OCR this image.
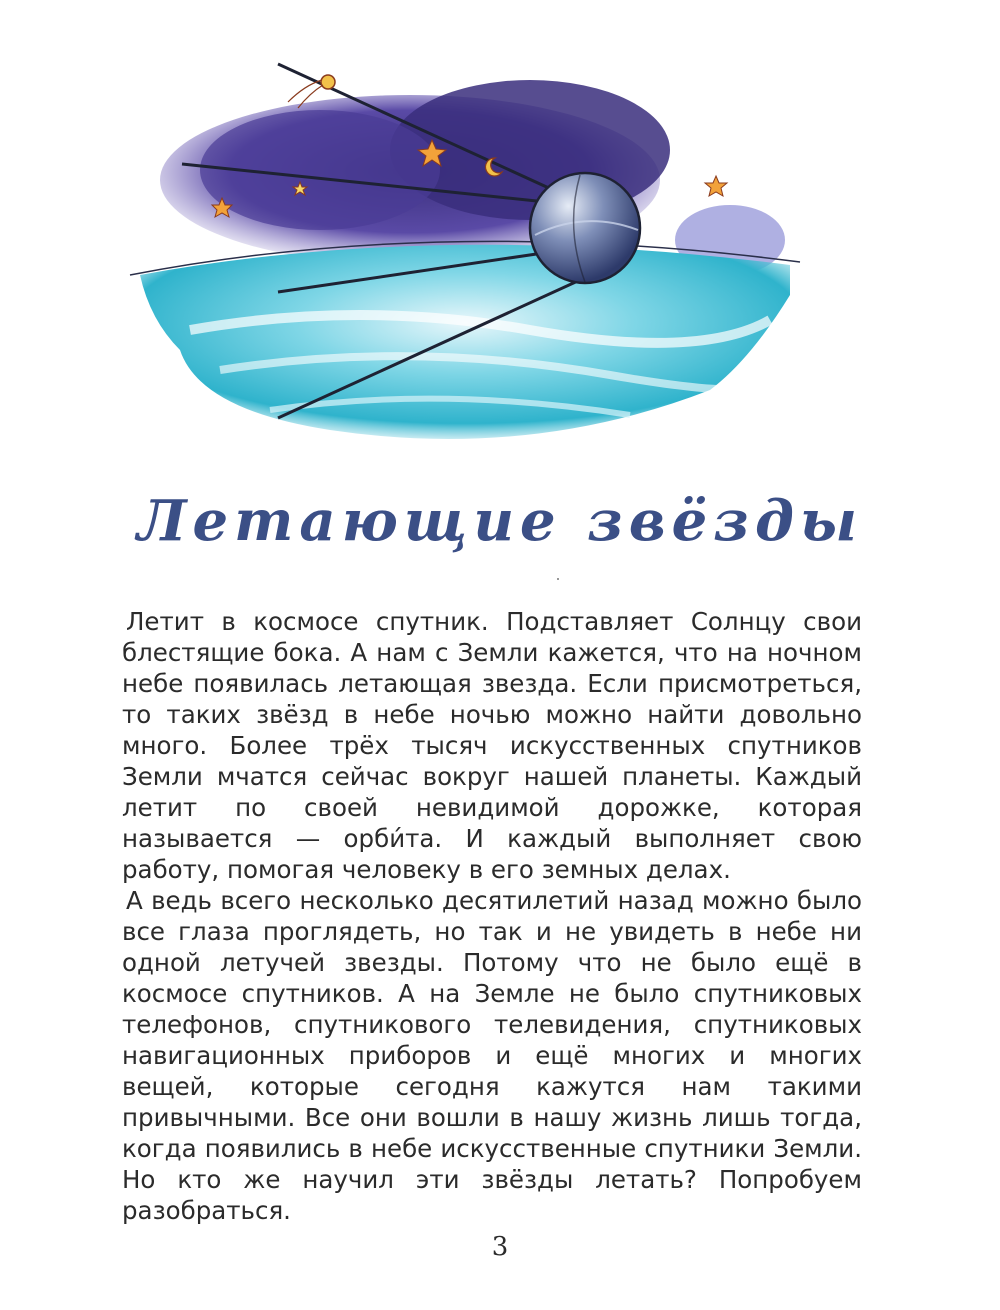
Летающие звёзды

Летит в космосе спутник. Подставляет Солнцу свои блестящие бока. А нам с Земли кажется, что на ночном небе появилась летающая звезда. Если присмотреться, то таких звёзд в небе ночью можно найти довольно много. Более трёх тысяч искусственных спутников Земли мчатся сейчас вокруг нашей планеты. Каждый летит по своей невидимой дорожке, которая называется — орби́та. И каждый выполняет свою работу, помогая человеку в его земных делах.

А ведь всего несколько десятилетий назад можно было все глаза проглядеть, но так и не увидеть в небе ни одной летучей звезды. Потому что не было ещё в космосе спутников. А на Земле не было спутниковых телефонов, спутникового телевидения, спутниковых навигационных приборов и ещё многих и многих вещей, которые сегодня кажутся нам такими привычными. Все они вошли в нашу жизнь лишь тогда, когда появились в небе искусственные спутники Земли. Но кто же научил эти звёзды летать? Попробуем разобраться.

3
